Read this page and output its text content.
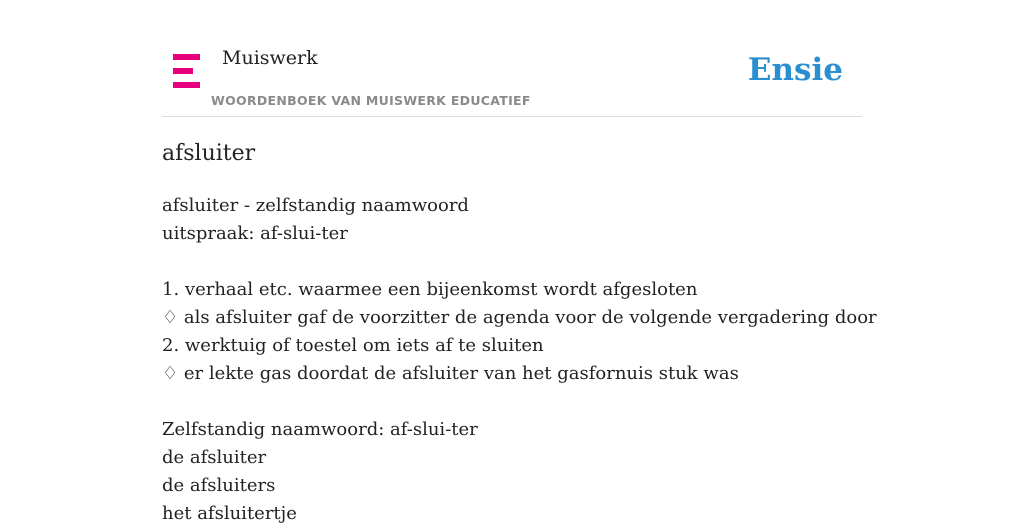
Muiswerk
WOORDENBOEK VAN MUISWERK EDUCATIEF
Ensie
afsluiter
afsluiter - zelfstandig naamwoord
uitspraak: af-slui-ter
1. verhaal etc. waarmee een bijeenkomst wordt afgesloten
♢ als afsluiter gaf de voorzitter de agenda voor de volgende vergadering door
2. werktuig of toestel om iets af te sluiten
♢ er lekte gas doordat de afsluiter van het gasfornuis stuk was
Zelfstandig naamwoord: af-slui-ter
de afsluiter
de afsluiters
het afsluitertje
